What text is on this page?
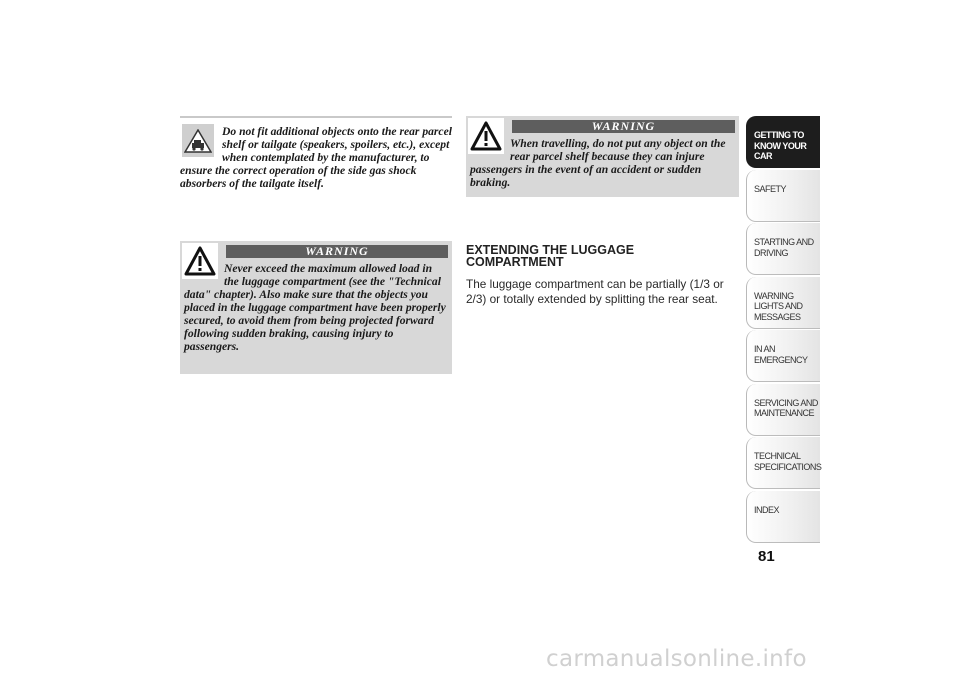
Do not fit additional objects onto the rear parcel shelf or tailgate (speakers, spoilers, etc.), except when contemplated by the manufacturer, to ensure the correct operation of the side gas shock absorbers of the tailgate itself.
WARNING
Never exceed the maximum allowed load in the luggage compartment (see the "Technical data" chapter). Also make sure that the objects you placed in the luggage compartment have been properly secured, to avoid them from being projected forward following sudden braking, causing injury to passengers.
WARNING
When travelling, do not put any object on the rear parcel shelf because they can injure passengers in the event of an accident or sudden braking.
EXTENDING THE LUGGAGE COMPARTMENT
The luggage compartment can be partially (1/3 or 2/3) or totally extended by splitting the rear seat.
GETTING TO KNOW YOUR CAR
SAFETY
STARTING AND DRIVING
WARNING LIGHTS AND MESSAGES
IN AN EMERGENCY
SERVICING AND MAINTENANCE
TECHNICAL SPECIFICATIONS
INDEX
81
carmanualsonline.info
